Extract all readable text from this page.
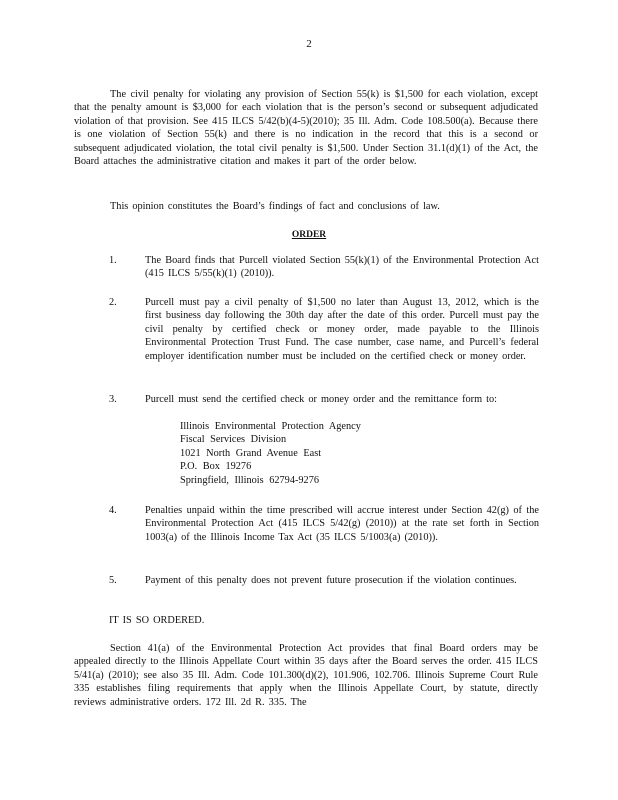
2

The civil penalty for violating any provision of Section 55(k) is $1,500 for each violation, except that the penalty amount is $3,000 for each violation that is the person’s second or subsequent adjudicated violation of that provision. See 415 ILCS 5/42(b)(4-5)(2010); 35 Ill. Adm. Code 108.500(a). Because there is one violation of Section 55(k) and there is no indication in the record that this is a second or subsequent adjudicated violation, the total civil penalty is $1,500. Under Section 31.1(d)(1) of the Act, the Board attaches the administrative citation and makes it part of the order below.

This opinion constitutes the Board’s findings of fact and conclusions of law.

ORDER
1.	The Board finds that Purcell violated Section 55(k)(1) of the Environmental Protection Act (415 ILCS 5/55(k)(1) (2010)).
2.	Purcell must pay a civil penalty of $1,500 no later than August 13, 2012, which is the first business day following the 30th day after the date of this order. Purcell must pay the civil penalty by certified check or money order, made payable to the Illinois Environmental Protection Trust Fund. The case number, case name, and Purcell’s federal employer identification number must be included on the certified check or money order.
3.	Purcell must send the certified check or money order and the remittance form to:
Illinois Environmental Protection Agency
Fiscal Services Division
1021 North Grand Avenue East
P.O. Box 19276
Springfield, Illinois 62794-9276
4.	Penalties unpaid within the time prescribed will accrue interest under Section 42(g) of the Environmental Protection Act (415 ILCS 5/42(g) (2010)) at the rate set forth in Section 1003(a) of the Illinois Income Tax Act (35 ILCS 5/1003(a) (2010)).
5.	Payment of this penalty does not prevent future prosecution if the violation continues.
IT IS SO ORDERED.

Section 41(a) of the Environmental Protection Act provides that final Board orders may be appealed directly to the Illinois Appellate Court within 35 days after the Board serves the order. 415 ILCS 5/41(a) (2010); see also 35 Ill. Adm. Code 101.300(d)(2), 101.906, 102.706. Illinois Supreme Court Rule 335 establishes filing requirements that apply when the Illinois Appellate Court, by statute, directly reviews administrative orders. 172 Ill. 2d R. 335. The
